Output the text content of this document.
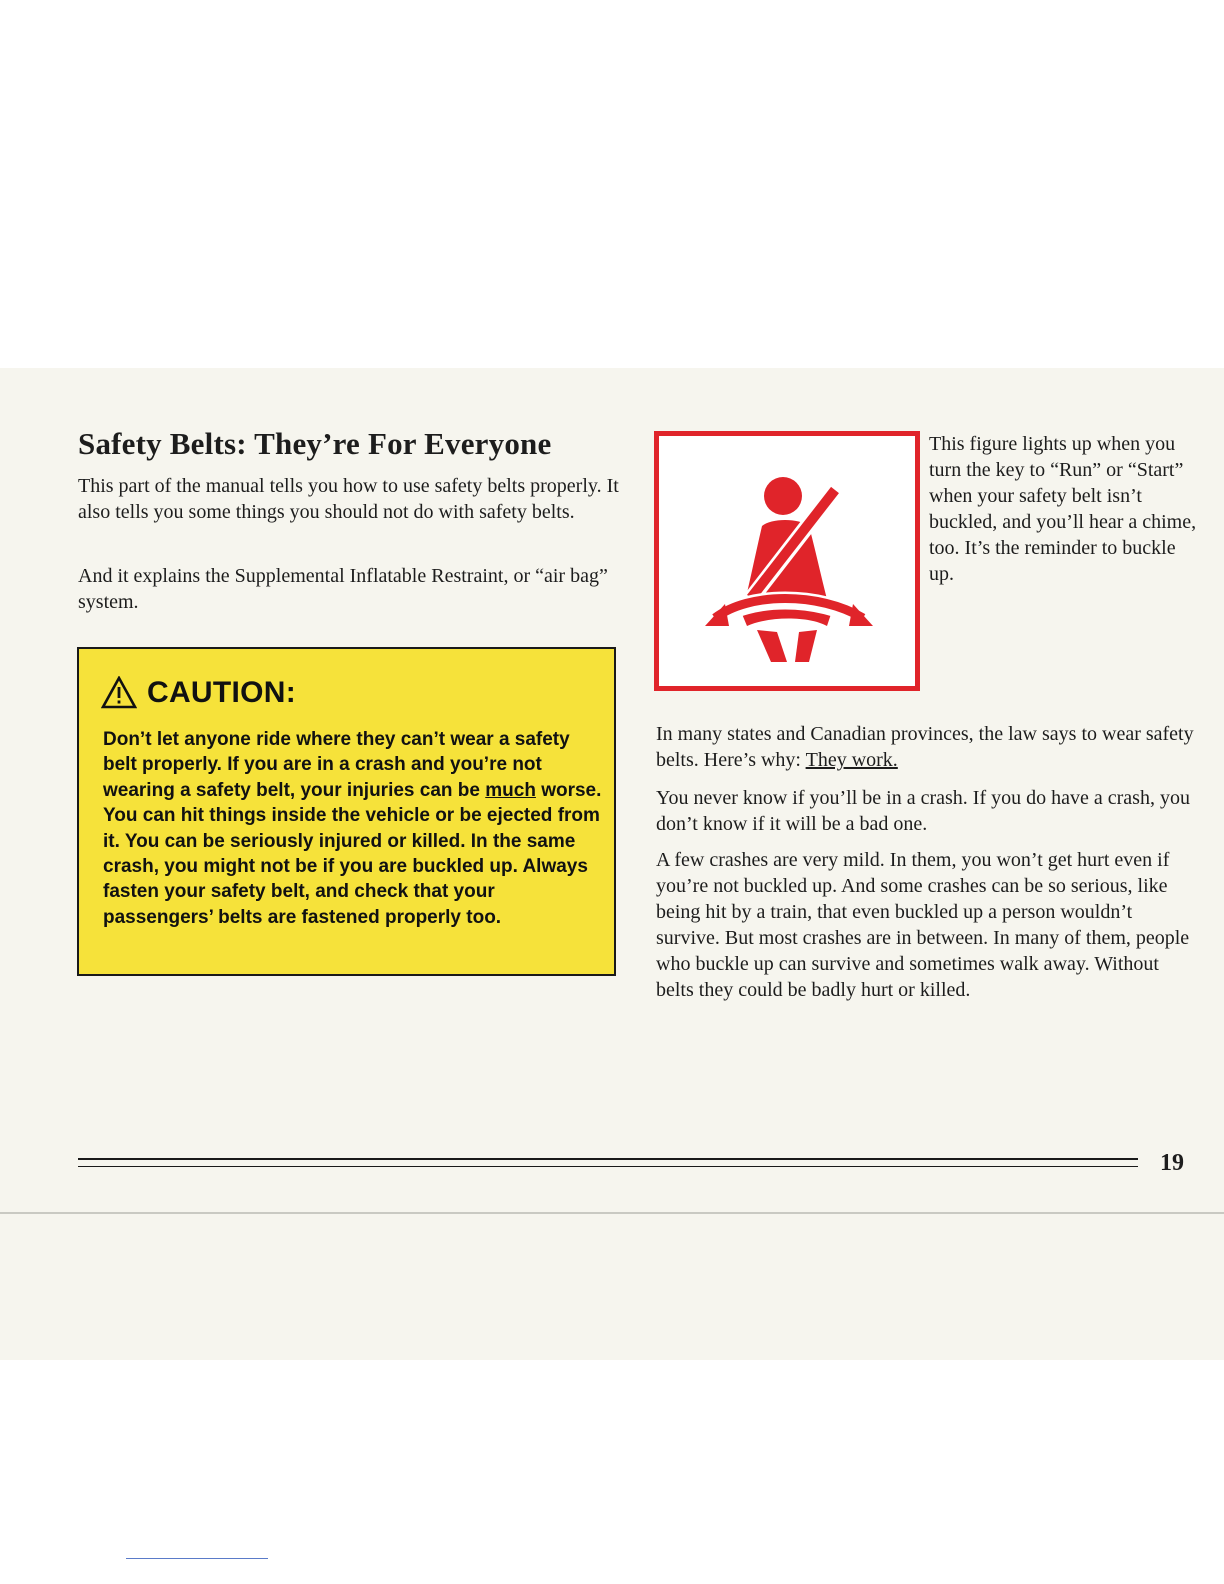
Safety Belts: They’re For Everyone

This part of the manual tells you how to use safety belts properly. It also tells you some things you should not do with safety belts.

And it explains the Supplemental Inflatable Restraint, or “air bag” system.

CAUTION:

Don’t let anyone ride where they can’t wear a safety belt properly. If you are in a crash and you’re not wearing a safety belt, your injuries can be much worse. You can hit things inside the vehicle or be ejected from it. You can be seriously injured or killed. In the same crash, you might not be if you are buckled up. Always fasten your safety belt, and check that your passengers’ belts are fastened properly too.

This figure lights up when you turn the key to “Run” or “Start” when your safety belt isn’t buckled, and you’ll hear a chime, too. It’s the reminder to buckle up.

In many states and Canadian provinces, the law says to wear safety belts. Here’s why: They work.

You never know if you’ll be in a crash. If you do have a crash, you don’t know if it will be a bad one.

A few crashes are very mild. In them, you won’t get hurt even if you’re not buckled up. And some crashes can be so serious, like being hit by a train, that even buckled up a person wouldn’t survive. But most crashes are in between. In many of them, people who buckle up can survive and sometimes walk away. Without belts they could be badly hurt or killed.

19
